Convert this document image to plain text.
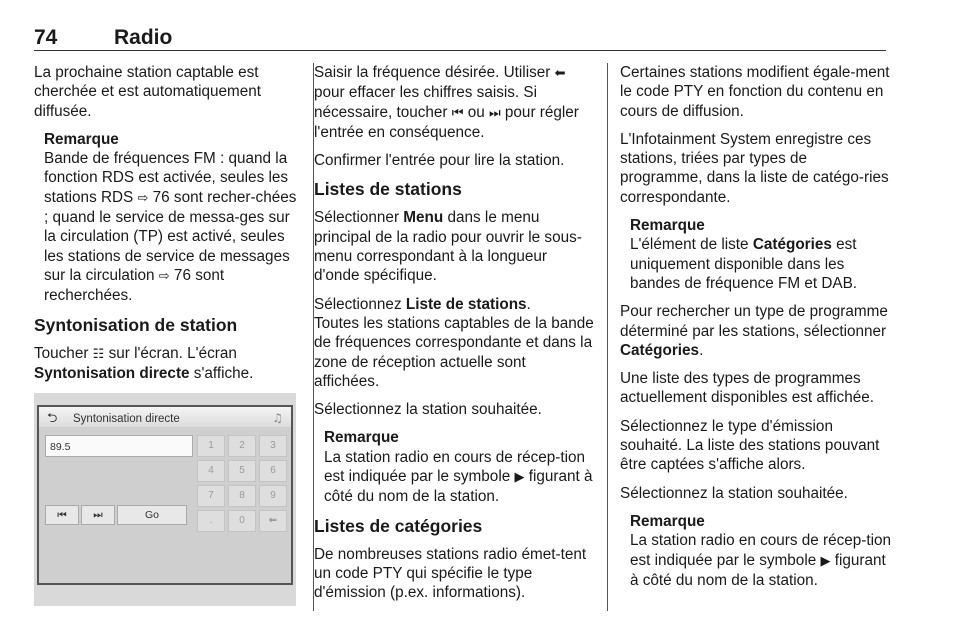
74	Radio

La prochaine station captable est cherchée et est automatiquement diffusée.

Remarque
Bande de fréquences FM : quand la fonction RDS est activée, seules les stations RDS ⇨ 76 sont recher-chées ; quand le service de messa-ges sur la circulation (TP) est activé, seules les stations de service de messages sur la circulation ⇨ 76 sont recherchées.
Syntonisation de station

Toucher ☷ sur l'écran. L'écran Syntonisation directe s'affiche.

⮌ Syntonisation directe	♫
89.5
⏮	⏭	Go
1	2	3
4	5	6
7	8	9
.	0	⇐

Saisir la fréquence désirée. Utiliser ⬅ pour effacer les chiffres saisis. Si nécessaire, toucher ⏮ ou ⏭ pour régler l'entrée en conséquence.

Confirmer l'entrée pour lire la station.

Listes de stations

Sélectionner Menu dans le menu principal de la radio pour ouvrir le sous-menu correspondant à la longueur d'onde spécifique.

Sélectionnez Liste de stations.
Toutes les stations captables de la bande de fréquences correspondante et dans la zone de réception actuelle sont affichées.

Sélectionnez la station souhaitée.

Remarque
La station radio en cours de récep-tion est indiquée par le symbole ▶ figurant à côté du nom de la station.
Listes de catégories

De nombreuses stations radio émet-tent un code PTY qui spécifie le type d'émission (p.ex. informations).

Certaines stations modifient égale-ment le code PTY en fonction du contenu en cours de diffusion.

L'Infotainment System enregistre ces stations, triées par types de programme, dans la liste de catégo-ries correspondante.

Remarque
L'élément de liste Catégories est uniquement disponible dans les bandes de fréquence FM et DAB.

Pour rechercher un type de programme déterminé par les stations, sélectionner Catégories.

Une liste des types de programmes actuellement disponibles est affichée.

Sélectionnez le type d'émission souhaité. La liste des stations pouvant être captées s'affiche alors.

Sélectionnez la station souhaitée.

Remarque
La station radio en cours de récep-tion est indiquée par le symbole ▶ figurant à côté du nom de la station.
